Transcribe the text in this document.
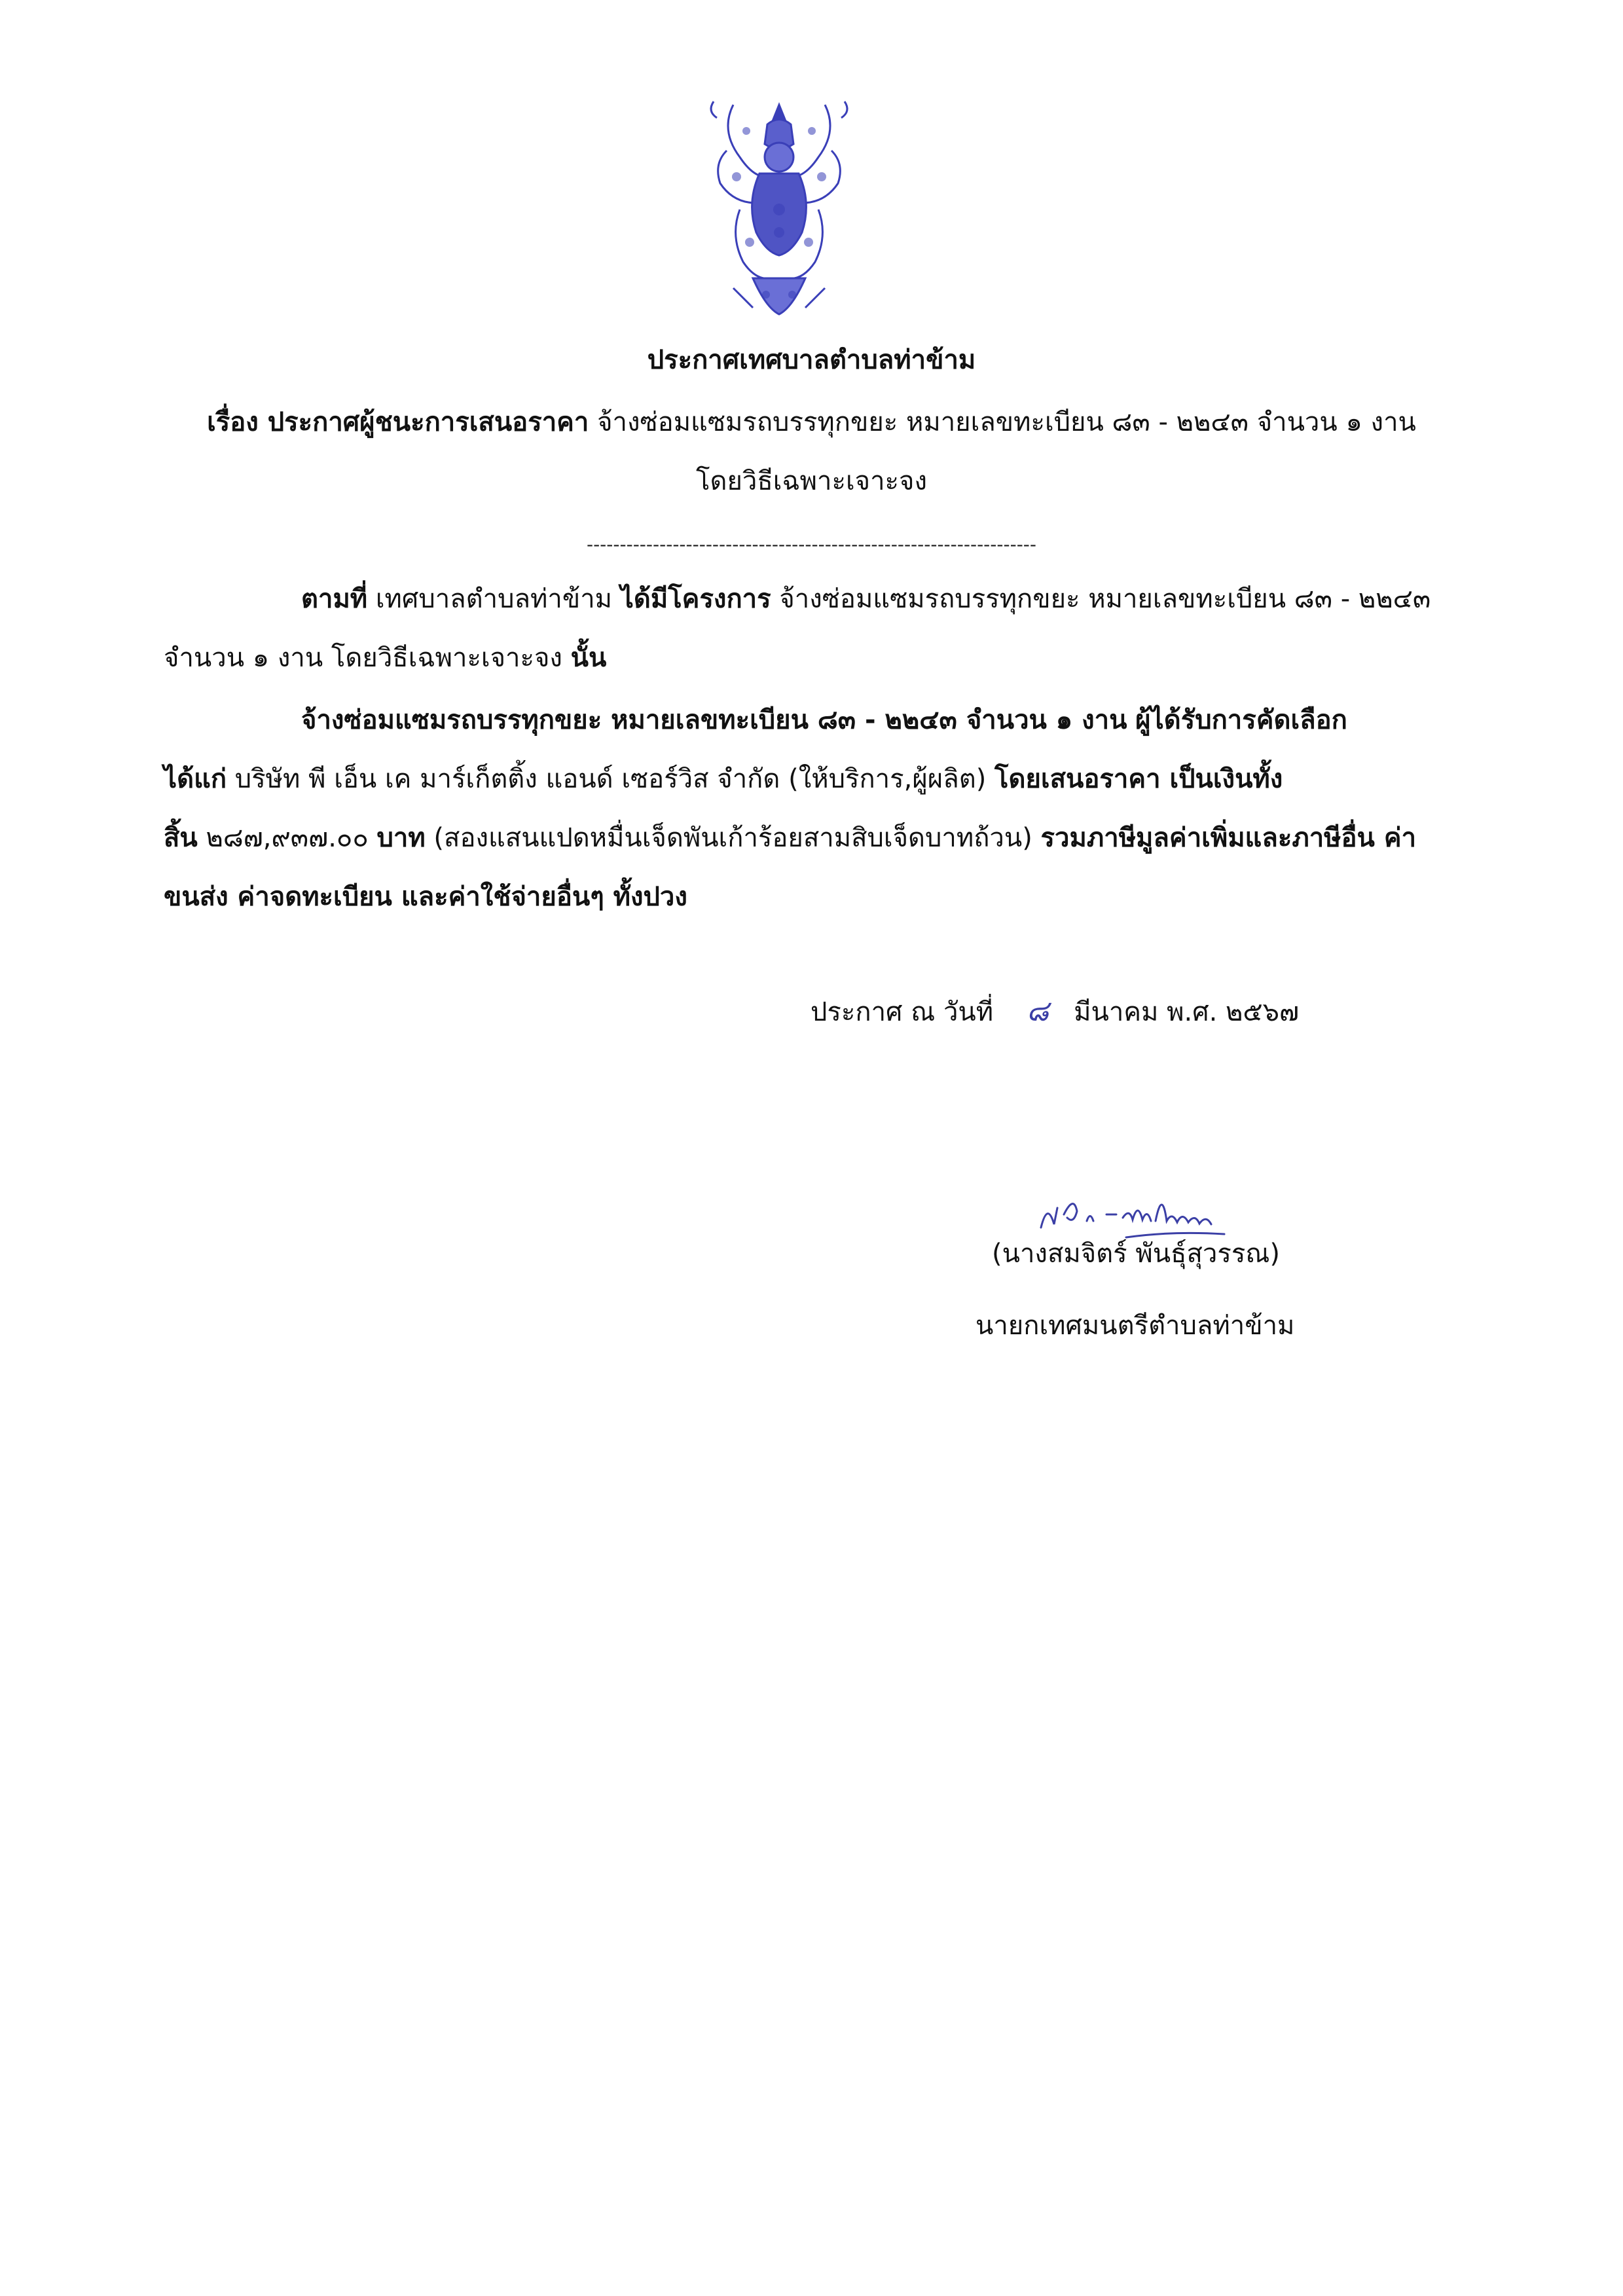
ประกาศเทศบาลตำบลท่าข้าม
เรื่อง ประกาศผู้ชนะการเสนอราคา จ้างซ่อมแซมรถบรรทุกขยะ หมายเลขทะเบียน ๘๓ - ๒๒๔๓ จำนวน ๑ งาน
โดยวิธีเฉพาะเจาะจง
--------------------------------------------------------------------
ตามที่ เทศบาลตำบลท่าข้าม ได้มีโครงการ จ้างซ่อมแซมรถบรรทุกขยะ หมายเลขทะเบียน ๘๓ - ๒๒๔๓
จำนวน ๑ งาน โดยวิธีเฉพาะเจาะจง นั้น
จ้างซ่อมแซมรถบรรทุกขยะ หมายเลขทะเบียน ๘๓ - ๒๒๔๓ จำนวน ๑ งาน ผู้ได้รับการคัดเลือก
ได้แก่ บริษัท พี เอ็น เค มาร์เก็ตติ้ง แอนด์ เซอร์วิส จำกัด (ให้บริการ,ผู้ผลิต) โดยเสนอราคา เป็นเงินทั้ง
สิ้น ๒๘๗,๙๓๗.๐๐ บาท (สองแสนแปดหมื่นเจ็ดพันเก้าร้อยสามสิบเจ็ดบาทถ้วน) รวมภาษีมูลค่าเพิ่มและภาษีอื่น ค่า
ขนส่ง ค่าจดทะเบียน และค่าใช้จ่ายอื่นๆ ทั้งปวง
ประกาศ ณ วันที่ ๘ มีนาคม พ.ศ. ๒๕๖๗
(นางสมจิตร์ พันธุ์สุวรรณ)
นายกเทศมนตรีตำบลท่าข้าม
